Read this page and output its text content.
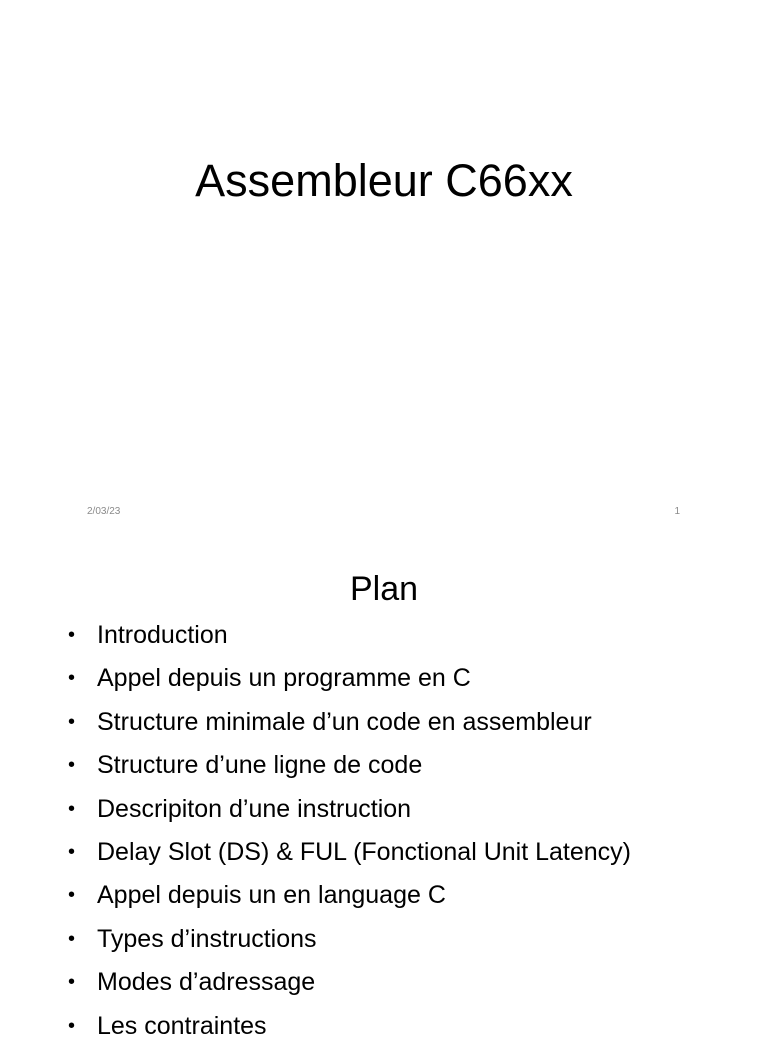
Assembleur C66xx
2/03/23	1
Plan
• Introduction
• Appel depuis un programme en C
• Structure minimale d’un code en assembleur
• Structure d’une ligne de code
• Descripiton d’une instruction
• Delay Slot (DS) & FUL (Fonctional Unit Latency)
• Appel depuis un en language C
• Types d’instructions
• Modes d’adressage
• Les contraintes
